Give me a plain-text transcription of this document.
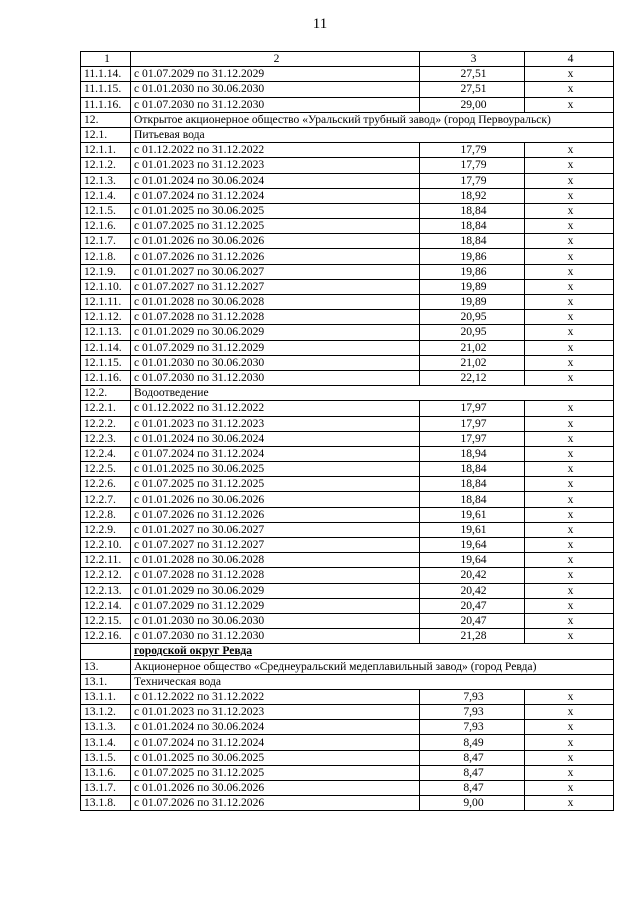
11
1	2	3	4
11.1.14.	с 01.07.2029 по 31.12.2029	27,51	х
11.1.15.	с 01.01.2030 по 30.06.2030	27,51	х
11.1.16.	с 01.07.2030 по 31.12.2030	29,00	х
12.	Открытое акционерное общество «Уральский трубный завод» (город Первоуральск)		
12.1.	Питьевая вода		
12.1.1.	с 01.12.2022 по 31.12.2022	17,79	х
12.1.2.	с 01.01.2023 по 31.12.2023	17,79	х
12.1.3.	с 01.01.2024 по 30.06.2024	17,79	х
12.1.4.	с 01.07.2024 по 31.12.2024	18,92	х
12.1.5.	с 01.01.2025 по 30.06.2025	18,84	х
12.1.6.	с 01.07.2025 по 31.12.2025	18,84	х
12.1.7.	с 01.01.2026 по 30.06.2026	18,84	х
12.1.8.	с 01.07.2026 по 31.12.2026	19,86	х
12.1.9.	с 01.01.2027 по 30.06.2027	19,86	х
12.1.10.	с 01.07.2027 по 31.12.2027	19,89	х
12.1.11.	с 01.01.2028 по 30.06.2028	19,89	х
12.1.12.	с 01.07.2028 по 31.12.2028	20,95	х
12.1.13.	с 01.01.2029 по 30.06.2029	20,95	х
12.1.14.	с 01.07.2029 по 31.12.2029	21,02	х
12.1.15.	с 01.01.2030 по 30.06.2030	21,02	х
12.1.16.	с 01.07.2030 по 31.12.2030	22,12	х
12.2.	Водоотведение		
12.2.1.	с 01.12.2022 по 31.12.2022	17,97	х
12.2.2.	с 01.01.2023 по 31.12.2023	17,97	х
12.2.3.	с 01.01.2024 по 30.06.2024	17,97	х
12.2.4.	с 01.07.2024 по 31.12.2024	18,94	х
12.2.5.	с 01.01.2025 по 30.06.2025	18,84	х
12.2.6.	с 01.07.2025 по 31.12.2025	18,84	х
12.2.7.	с 01.01.2026 по 30.06.2026	18,84	х
12.2.8.	с 01.07.2026 по 31.12.2026	19,61	х
12.2.9.	с 01.01.2027 по 30.06.2027	19,61	х
12.2.10.	с 01.07.2027 по 31.12.2027	19,64	х
12.2.11.	с 01.01.2028 по 30.06.2028	19,64	х
12.2.12.	с 01.07.2028 по 31.12.2028	20,42	х
12.2.13.	с 01.01.2029 по 30.06.2029	20,42	х
12.2.14.	с 01.07.2029 по 31.12.2029	20,47	х
12.2.15.	с 01.01.2030 по 30.06.2030	20,47	х
12.2.16.	с 01.07.2030 по 31.12.2030	21,28	х
	городской округ Ревда		
13.	Акционерное общество «Среднеуральский медеплавильный завод» (город Ревда)		
13.1.	Техническая вода		
13.1.1.	с 01.12.2022 по 31.12.2022	7,93	х
13.1.2.	с 01.01.2023 по 31.12.2023	7,93	х
13.1.3.	с 01.01.2024 по 30.06.2024	7,93	х
13.1.4.	с 01.07.2024 по 31.12.2024	8,49	х
13.1.5.	с 01.01.2025 по 30.06.2025	8,47	х
13.1.6.	с 01.07.2025 по 31.12.2025	8,47	х
13.1.7.	с 01.01.2026 по 30.06.2026	8,47	х
13.1.8.	с 01.07.2026 по 31.12.2026	9,00	х
